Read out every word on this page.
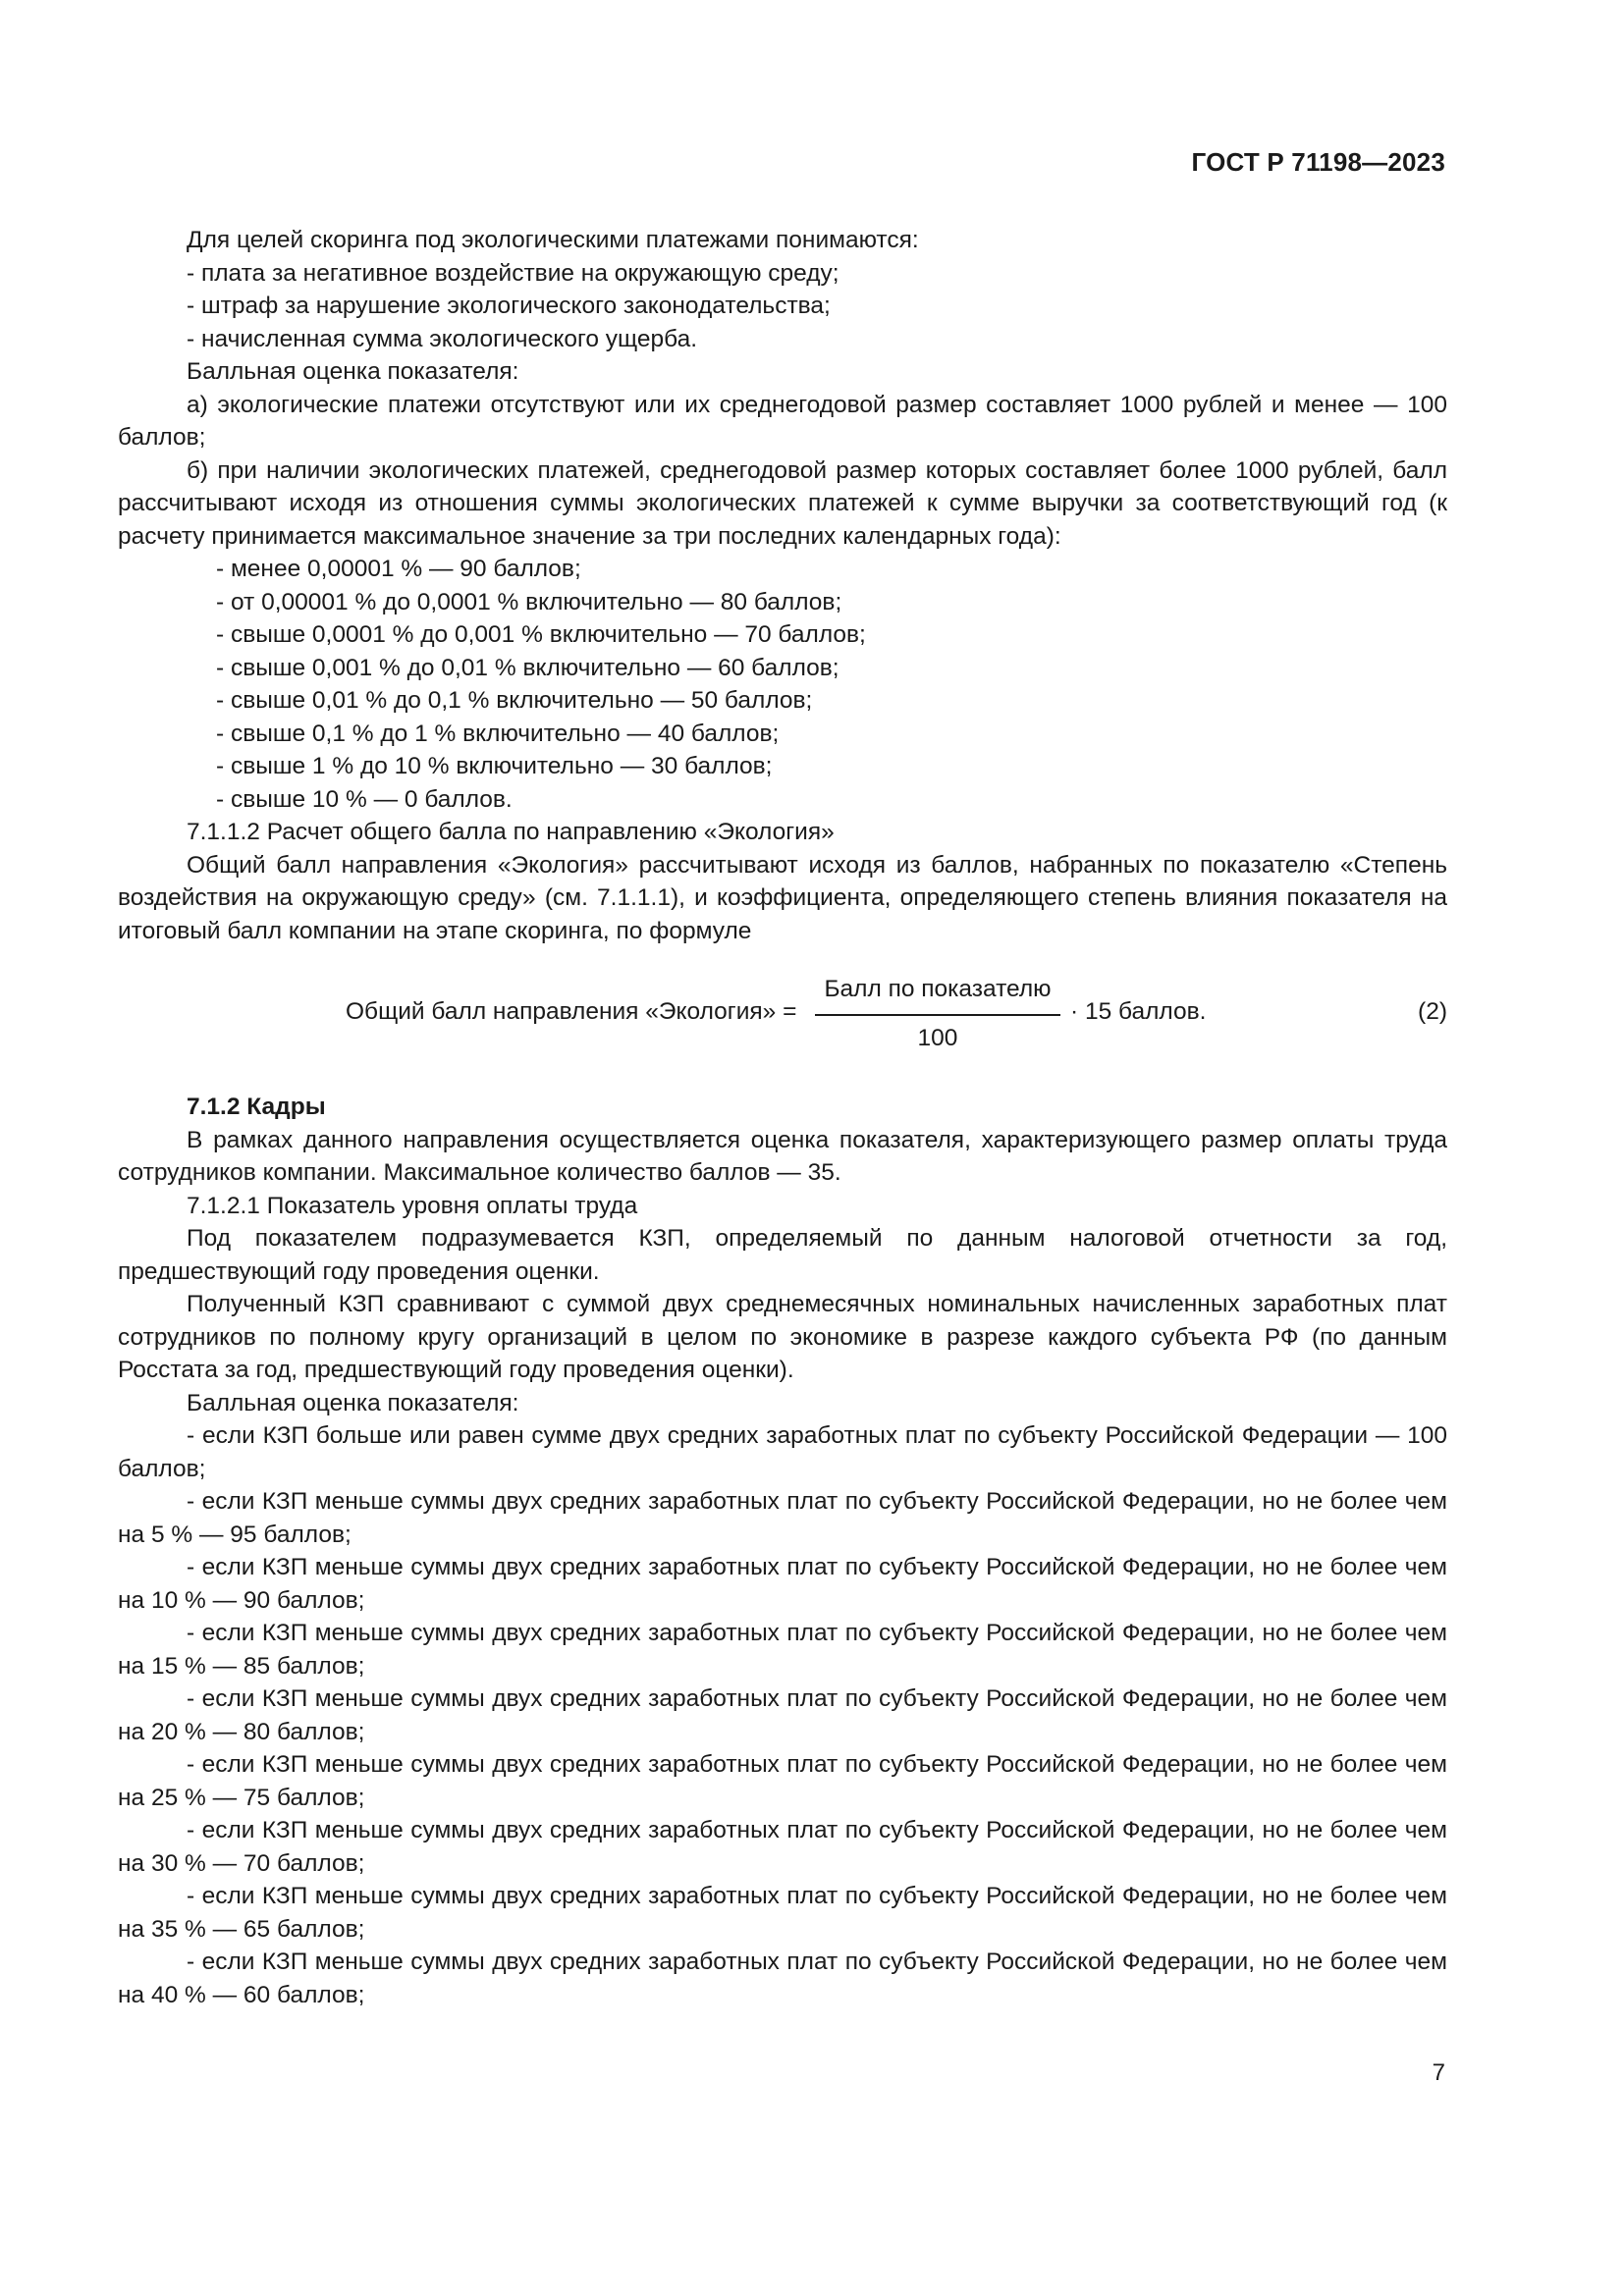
ГОСТ Р 71198—2023

Для целей скоринга под экологическими платежами понимаются:

- плата за негативное воздействие на окружающую среду;

- штраф за нарушение экологического законодательства;

- начисленная сумма экологического ущерба.

Балльная оценка показателя:

а) экологические платежи отсутствуют или их среднегодовой размер составляет 1000 рублей и менее — 100 баллов;

б) при наличии экологических платежей, среднегодовой размер которых составляет более 1000 рублей, балл рассчитывают исходя из отношения суммы экологических платежей к сумме выручки за соответствующий год (к расчету принимается максимальное значение за три последних календарных года):

- менее 0,00001 % — 90 баллов;

- от 0,00001 % до 0,0001 % включительно — 80 баллов;

- свыше 0,0001 % до 0,001 % включительно — 70 баллов;

- свыше 0,001 % до 0,01 % включительно — 60 баллов;

- свыше 0,01 % до 0,1 % включительно — 50 баллов;

- свыше 0,1 % до 1 % включительно — 40 баллов;

- свыше 1 % до 10 % включительно — 30 баллов;

- свыше 10 % — 0 баллов.

7.1.1.2 Расчет общего балла по направлению «Экология»

Общий балл направления «Экология» рассчитывают исходя из баллов, набранных по показателю «Степень воздействия на окружающую среду» (см. 7.1.1.1), и коэффициента, определяющего степень влияния показателя на итоговый балл компании на этапе скоринга, по формуле

Общий балл направления «Экология» =
Балл по показателю
100
· 15 баллов.	(2)

7.1.2 Кадры

В рамках данного направления осуществляется оценка показателя, характеризующего размер оплаты труда сотрудников компании. Максимальное количество баллов — 35.

7.1.2.1 Показатель уровня оплаты труда

Под показателем подразумевается КЗП, определяемый по данным налоговой отчетности за год, предшествующий году проведения оценки.

Полученный КЗП сравнивают с суммой двух среднемесячных номинальных начисленных заработных плат сотрудников по полному кругу организаций в целом по экономике в разрезе каждого субъекта РФ (по данным Росстата за год, предшествующий году проведения оценки).

Балльная оценка показателя:

- если КЗП больше или равен сумме двух средних заработных плат по субъекту Российской Федерации — 100 баллов;

- если КЗП меньше суммы двух средних заработных плат по субъекту Российской Федерации, но не более чем на 5 % — 95 баллов;

- если КЗП меньше суммы двух средних заработных плат по субъекту Российской Федерации, но не более чем на 10 % — 90 баллов;

- если КЗП меньше суммы двух средних заработных плат по субъекту Российской Федерации, но не более чем на 15 % — 85 баллов;

- если КЗП меньше суммы двух средних заработных плат по субъекту Российской Федерации, но не более чем на 20 % — 80 баллов;

- если КЗП меньше суммы двух средних заработных плат по субъекту Российской Федерации, но не более чем на 25 % — 75 баллов;

- если КЗП меньше суммы двух средних заработных плат по субъекту Российской Федерации, но не более чем на 30 % — 70 баллов;

- если КЗП меньше суммы двух средних заработных плат по субъекту Российской Федерации, но не более чем на 35 % — 65 баллов;

- если КЗП меньше суммы двух средних заработных плат по субъекту Российской Федерации, но не более чем на 40 % — 60 баллов;

7
